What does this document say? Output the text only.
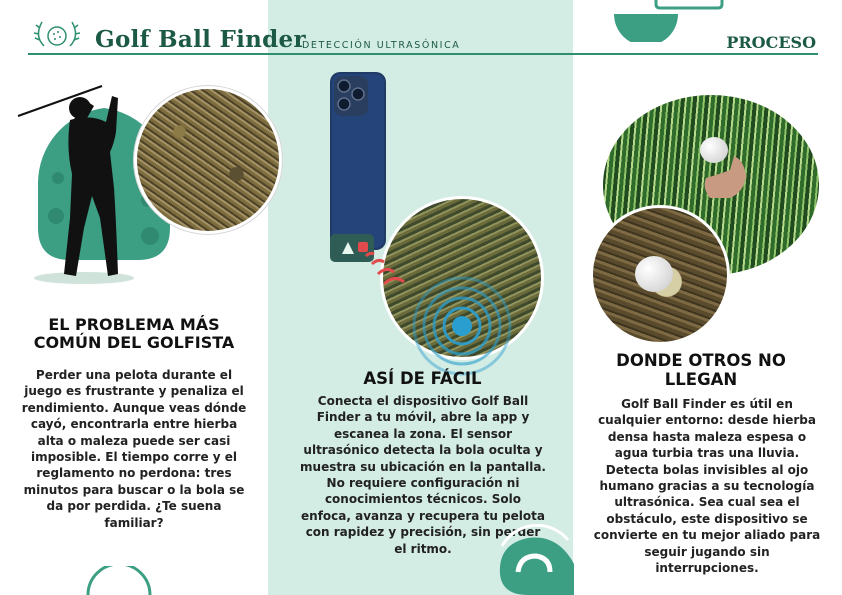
Golf Ball Finder
DETECCIÓN ULTRASÓNICA	PROCESO
EL PROBLEMA MÁS COMÚN DEL GOLFISTA
Perder una pelota durante el juego es frustrante y penaliza el rendimiento. Aunque veas dónde cayó, encontrarla entre hierba alta o maleza puede ser casi imposible. El tiempo corre y el reglamento no perdona: tres minutos para buscar o la bola se da por perdida. ¿Te suena familiar?
ASÍ DE FÁCIL
Conecta el dispositivo Golf Ball Finder a tu móvil, abre la app y escanea la zona. El sensor ultrasónico detecta la bola oculta y muestra su ubicación en la pantalla. No requiere configuración ni conocimientos técnicos. Solo enfoca, avanza y recupera tu pelota con rapidez y precisión, sin perder el ritmo.
DONDE OTROS NO LLEGAN
Golf Ball Finder es útil en cualquier entorno: desde hierba densa hasta maleza espesa o agua turbia tras una lluvia. Detecta bolas invisibles al ojo humano gracias a su tecnología ultrasónica. Sea cual sea el obstáculo, este dispositivo se convierte en tu mejor aliado para seguir jugando sin interrupciones.
